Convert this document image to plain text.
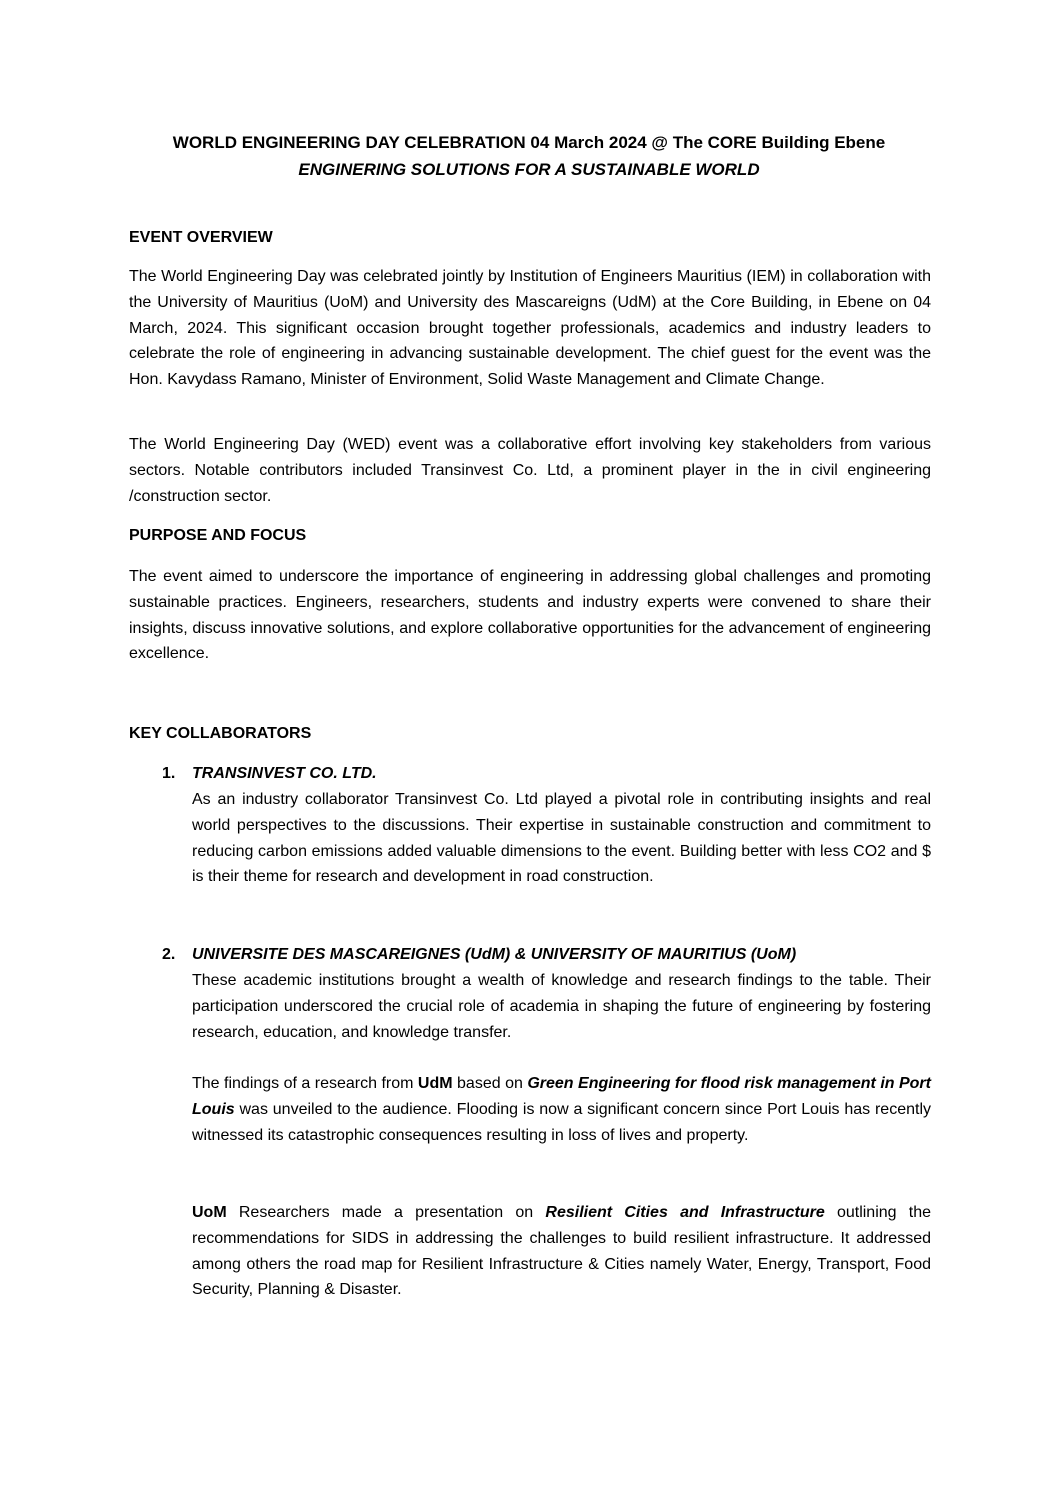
WORLD ENGINEERING DAY CELEBRATION 04 March 2024 @ The CORE Building Ebene
ENGINERING SOLUTIONS FOR A SUSTAINABLE WORLD
EVENT OVERVIEW

The World Engineering Day was celebrated jointly by Institution of Engineers Mauritius (IEM) in collaboration with the University of Mauritius (UoM) and University des Mascareigns (UdM) at the Core Building, in Ebene on 04 March, 2024. This significant occasion brought together professionals, academics and industry leaders to celebrate the role of engineering in advancing sustainable development. The chief guest for the event was the Hon. Kavydass Ramano, Minister of Environment, Solid Waste Management and Climate Change.

The World Engineering Day (WED) event was a collaborative effort involving key stakeholders from various sectors. Notable contributors included Transinvest Co. Ltd, a prominent player in the in civil engineering /construction sector.

PURPOSE AND FOCUS

The event aimed to underscore the importance of engineering in addressing global challenges and promoting sustainable practices. Engineers, researchers, students and industry experts were convened to share their insights, discuss innovative solutions, and explore collaborative opportunities for the advancement of engineering excellence.

KEY COLLABORATORS
1. TRANSINVEST CO. LTD.

As an industry collaborator Transinvest Co. Ltd played a pivotal role in contributing insights and real world perspectives to the discussions. Their expertise in sustainable construction and commitment to reducing carbon emissions added valuable dimensions to the event. Building better with less CO2 and $ is their theme for research and development in road construction.

2. UNIVERSITE DES MASCAREIGNES (UdM) & UNIVERSITY OF MAURITIUS (UoM)

These academic institutions brought a wealth of knowledge and research findings to the table. Their participation underscored the crucial role of academia in shaping the future of engineering by fostering research, education, and knowledge transfer.

The findings of a research from UdM based on Green Engineering for flood risk management in Port Louis was unveiled to the audience. Flooding is now a significant concern since Port Louis has recently witnessed its catastrophic consequences resulting in loss of lives and property.

UoM Researchers made a presentation on Resilient Cities and Infrastructure outlining the recommendations for SIDS in addressing the challenges to build resilient infrastructure. It addressed among others the road map for Resilient Infrastructure & Cities namely Water, Energy, Transport, Food Security, Planning & Disaster.
